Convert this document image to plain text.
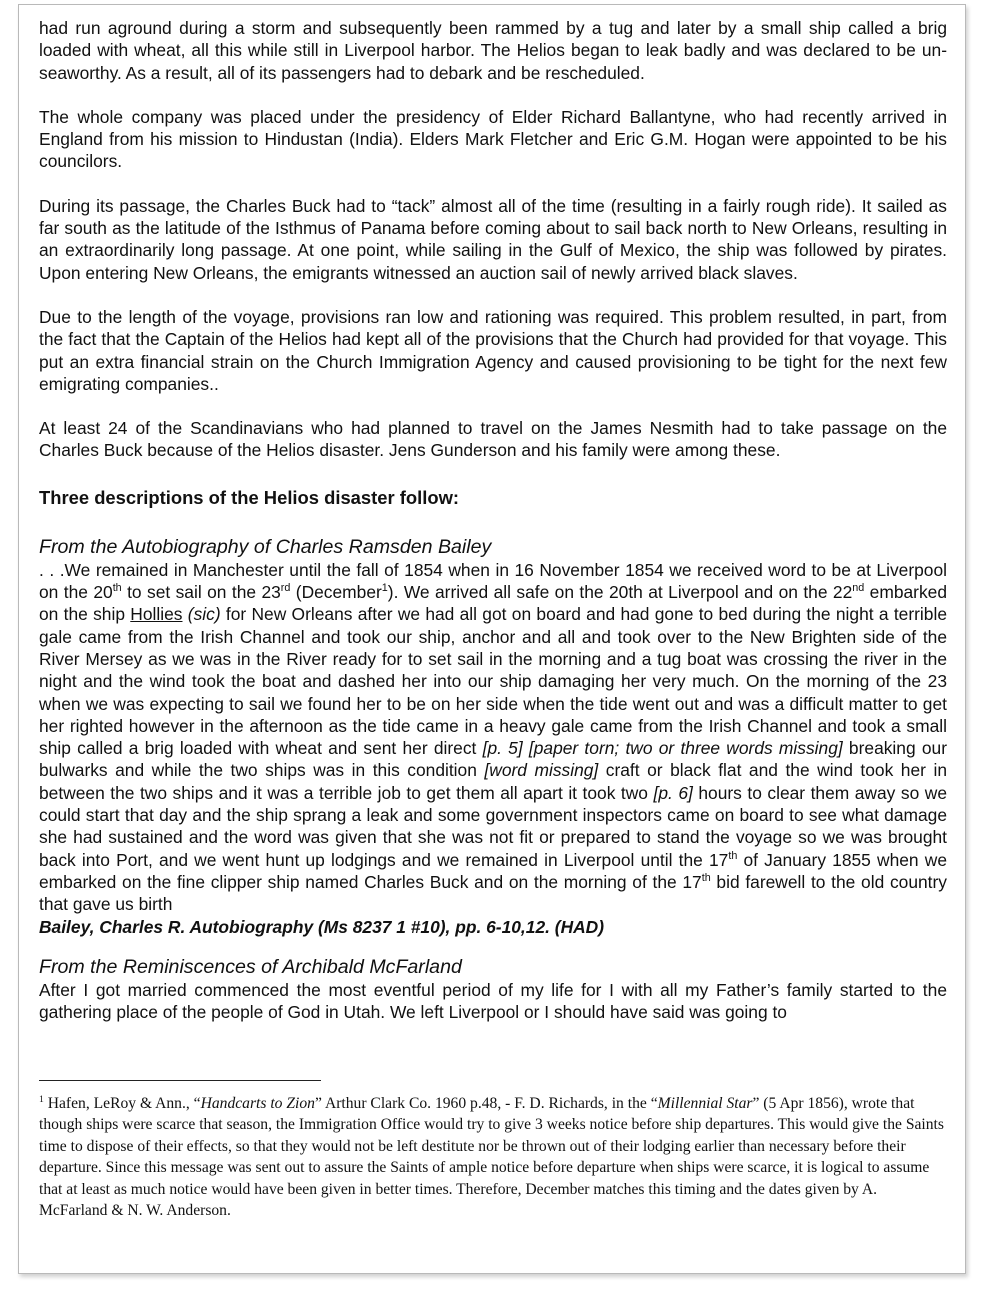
had run aground during a storm and subsequently been rammed by a tug and later by a small ship called a brig loaded with wheat, all this while still in Liverpool harbor. The Helios began to leak badly and was declared to be un-seaworthy. As a result, all of its passengers had to debark and be rescheduled.

The whole company was placed under the presidency of Elder Richard Ballantyne, who had recently arrived in England from his mission to Hindustan (India). Elders Mark Fletcher and Eric G.M. Hogan were appointed to be his councilors.

During its passage, the Charles Buck had to “tack” almost all of the time (resulting in a fairly rough ride). It sailed as far south as the latitude of the Isthmus of Panama before coming about to sail back north to New Orleans, resulting in an extraordinarily long passage. At one point, while sailing in the Gulf of Mexico, the ship was followed by pirates. Upon entering New Orleans, the emigrants witnessed an auction sail of newly arrived black slaves.

Due to the length of the voyage, provisions ran low and rationing was required. This problem resulted, in part, from the fact that the Captain of the Helios had kept all of the provisions that the Church had provided for that voyage. This put an extra financial strain on the Church Immigration Agency and caused provisioning to be tight for the next few emigrating companies..

At least 24 of the Scandinavians who had planned to travel on the James Nesmith had to take passage on the Charles Buck because of the Helios disaster. Jens Gunderson and his family were among these.

Three descriptions of the Helios disaster follow:

From the Autobiography of Charles Ramsden Bailey

. . .We remained in Manchester until the fall of 1854 when in 16 November 1854 we received word to be at Liverpool on the 20th to set sail on the 23rd (December$^1$). We arrived all safe on the 20th at Liverpool and on the 22nd embarked on the ship Hollies (sic) for New Orleans after we had all got on board and had gone to bed during the night a terrible gale came from the Irish Channel and took our ship, anchor and all and took over to the New Brighten side of the River Mersey as we was in the River ready for to set sail in the morning and a tug boat was crossing the river in the night and the wind took the boat and dashed her into our ship damaging her very much. On the morning of the 23 when we was expecting to sail we found her to be on her side when the tide went out and was a difficult matter to get her righted however in the afternoon as the tide came in a heavy gale came from the Irish Channel and took a small ship called a brig loaded with wheat and sent her direct [p. 5] [paper torn; two or three words missing] breaking our bulwarks and while the two ships was in this condition [word missing] craft or black flat and the wind took her in between the two ships and it was a terrible job to get them all apart it took two [p. 6] hours to clear them away so we could start that day and the ship sprang a leak and some government inspectors came on board to see what damage she had sustained and the word was given that she was not fit or prepared to stand the voyage so we was brought back into Port, and we went hunt up lodgings and we remained in Liverpool until the 17th of January 1855 when we embarked on the fine clipper ship named Charles Buck and on the morning of the 17th bid farewell to the old country that gave us birth

Bailey, Charles R. Autobiography (Ms 8237 1 #10), pp. 6-10,12. (HAD)

From the Reminiscences of Archibald McFarland

After I got married commenced the most eventful period of my life for I with all my Father’s family started to the gathering place of the people of God in Utah. We left Liverpool or I should have said was going to

$^1$ Hafen, LeRoy & Ann., “Handcarts to Zion” Arthur Clark Co. 1960 p.48, - F. D. Richards, in the “Millennial Star” (5 Apr 1856), wrote that though ships were scarce that season, the Immigration Office would try to give 3 weeks notice before ship departures. This would give the Saints time to dispose of their effects, so that they would not be left destitute nor be thrown out of their lodging earlier than necessary before their departure. Since this message was sent out to assure the Saints of ample notice before departure when ships were scarce, it is logical to assume that at least as much notice would have been given in better times. Therefore, December matches this timing and the dates given by A. McFarland & N. W. Anderson.
